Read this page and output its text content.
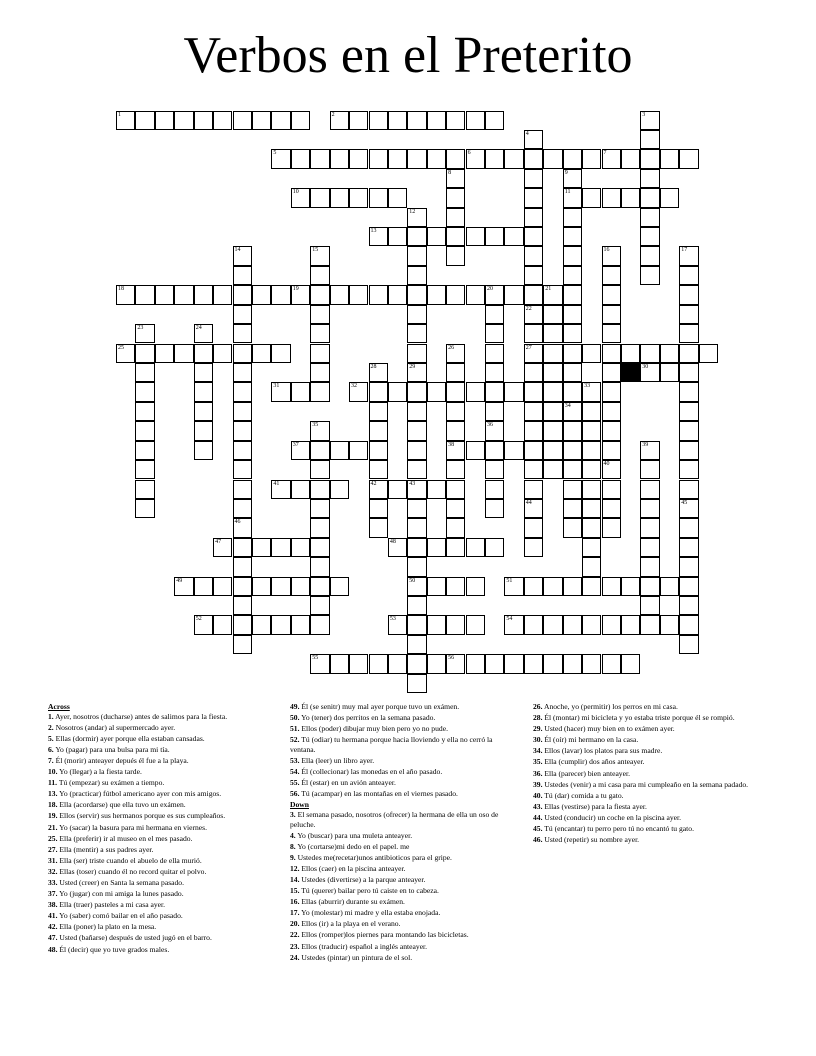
Verbos en el Preterito
1	2	3
4
22
27
5	6	7
8	9
11
34
10
12
29
43
13
14	15	16	17
45
18	19	20	21
36
44
23	24
25	26
38
28
42
30
31	32	33
35
37	39
40
41
50
46
47	48
49	51
52	53	54
55	56
Across
1. Ayer, nosotros (ducharse) antes de salimos para la fiesta.
2. Nosotros (andar) al supermercado ayer.
5. Ellas (dormir) ayer porque ella estaban cansadas.
6. Yo (pagar) para una bulsa para mi tía.
7. Él (morir) anteayer depués él fue a la playa.
10. Yo (llegar) a la fiesta tarde.
11. Tú (empezar) su exámen a tiempo.
13. Yo (practicar) fútbol americano ayer con mis amigos.
18. Ella (acordarse) que ella tuvo un exámen.
19. Ellos (servir) sus hermanos porque es sus cumpleaños.
21. Yo (sacar) la basura para mi hermana en viernes.
25. Ella (preferir) ir al museo en el mes pasado.
27. Ella (mentir) a sus padres ayer.
31. Ella (ser) triste cuando el abuelo de ella murió.
32. Ellas (toser) cuando él no record quitar el polvo.
33. Usted (creer) en Santa la semana pasado.
37. Yo (jugar) con mi amiga la lunes pasado.
38. Ella (traer) pasteles a mi casa ayer.
41. Yo (saber) comó bailar en el año pasado.
42. Ella (poner) la plato en la mesa.
47. Usted (bañarse) después de usted jugó en el barro.
48. Él (decir) que yo tuve grados males.
49. Él (se senitr) muy mal ayer porque tuvo un exámen.
50. Yo (tener) dos perritos en la semana pasado.
51. Ellos (poder) dibujar muy bien pero yo no pude.
52. Tú (odiar) tu hermana porque hacia lloviendo y ella no cerró la ventana.
53. Ella (leer) un libro ayer.
54. Él (collecionar) las monedas en el año pasado.
55. Él (estar) en un avión anteayer.
56. Tú (acampar) en las montañas en el viernes pasado.
Down
3. El semana pasado, nosotros (ofrecer) la hermana de ella un oso de peluche.
4. Yo (buscar) para una muleta anteayer.
8. Yo (cortarse)mi dedo en el papel. me
9. Ustedes me(recetar)unos antibioticos para el gripe.
12. Ellos (caer) en la piscina anteayer.
14. Ustedes (divertirse) a la parque anteayer.
15. Tú (querer) bailar pero tú caiste en to cabeza.
16. Ellas (aburrir) durante su exámen.
17. Yo (molestar) mi madre y ella estaba enojada.
20. Ellos (ir) a la playa en el verano.
22. Ellos (romper)los piernes para montando las bicicletas.
23. Ellos (traducir) español a inglés anteayer.
24. Ustedes (pintar) un pintura de el sol.
26. Anoche, yo (permitir) los perros en mi casa.
28. Él (montar) mi bicicleta y yo estaba triste porque él se rompió.
29. Usted (hacer) muy bien en to exámen ayer.
30. Él (oír) mi hermano en la casa.
34. Ellos (lavar) los platos para sus madre.
35. Ella (cumplir) dos años anteayer.
36. Ella (parecer) bien anteayer.
39. Ustedes (venir) a mi casa para mi cumpleaño en la semana padado.
40. Tú (dar) comida a tu gato.
43. Ellas (vestirse) para la fiesta ayer.
44. Usted (conducir) un coche en la piscina ayer.
45. Tú (encantar) tu perro pero tú no encantó tu gato.
46. Usted (repetir) su nombre ayer.
